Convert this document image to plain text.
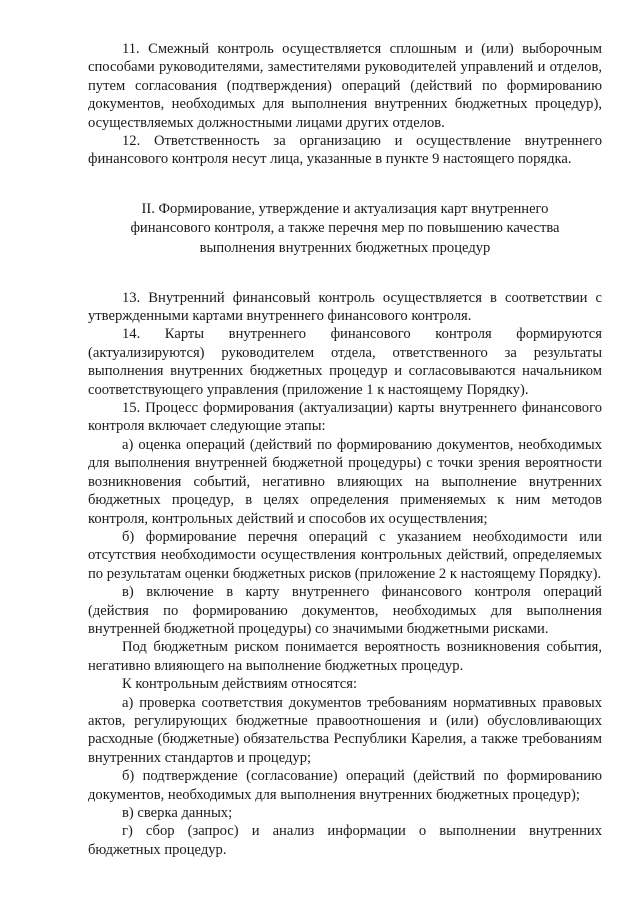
11. Смежный контроль осуществляется сплошным и (или) выборочным способами руководителями, заместителями руководителей управлений и отделов, путем согласования (подтверждения) операций (действий по формированию документов, необходимых для выполнения внутренних бюджетных процедур), осуществляемых должностными лицами других отделов.

12. Ответственность за организацию и осуществление внутреннего финансового контроля несут лица, указанные в пункте 9 настоящего порядка.

II. Формирование, утверждение и актуализация карт внутреннего
финансового контроля, а также перечня мер по повышению качества
выполнения внутренних бюджетных процедур

13. Внутренний финансовый контроль осуществляется в соответствии с утвержденными картами внутреннего финансового контроля.

14. Карты внутреннего финансового контроля формируются (актуализируются) руководителем отдела, ответственного за результаты выполнения внутренних бюджетных процедур и согласовываются начальником соответствующего управления (приложение 1 к настоящему Порядку).

15. Процесс формирования (актуализации) карты внутреннего финансового контроля включает следующие этапы:

а) оценка операций (действий по формированию документов, необходимых для выполнения внутренней бюджетной процедуры) с точки зрения вероятности возникновения событий, негативно влияющих на выполнение внутренних бюджетных процедур, в целях определения применяемых к ним методов контроля, контрольных действий и способов их осуществления;

б) формирование перечня операций с указанием необходимости или отсутствия необходимости осуществления контрольных действий, определяемых по результатам оценки бюджетных рисков (приложение 2 к настоящему Порядку).

в) включение в карту внутреннего финансового контроля операций (действия по формированию документов, необходимых для выполнения внутренней бюджетной процедуры) со значимыми бюджетными рисками.

Под бюджетным риском понимается вероятность возникновения события, негативно влияющего на выполнение бюджетных процедур.

К контрольным действиям относятся:

а) проверка соответствия документов требованиям нормативных правовых актов, регулирующих бюджетные правоотношения и (или) обусловливающих расходные (бюджетные) обязательства Республики Карелия, а также требованиям внутренних стандартов и процедур;

б) подтверждение (согласование) операций (действий по формированию документов, необходимых для выполнения внутренних бюджетных процедур);

в) сверка данных;

г) сбор (запрос) и анализ информации о выполнении внутренних бюджетных процедур.
